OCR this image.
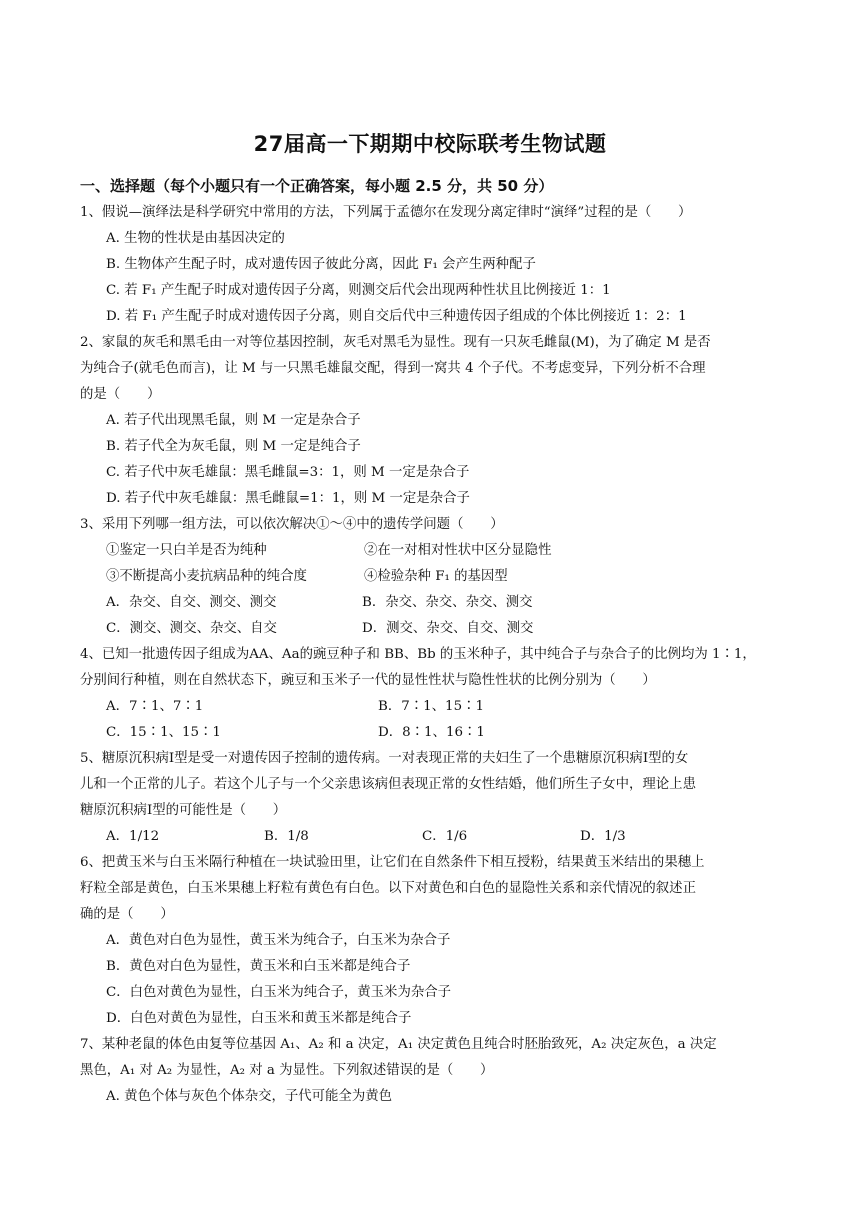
27届高一下期期中校际联考生物试题
一、选择题（每个小题只有一个正确答案，每小题 2.5 分，共 50 分）
1、假说—演绎法是科学研究中常用的方法，下列属于孟德尔在发现分离定律时“演绎”过程的是（　　）
A. 生物的性状是由基因决定的
B. 生物体产生配子时，成对遗传因子彼此分离，因此 F₁ 会产生两种配子
C. 若 F₁ 产生配子时成对遗传因子分离，则测交后代会出现两种性状且比例接近 1：1
D. 若 F₁ 产生配子时成对遗传因子分离，则自交后代中三种遗传因子组成的个体比例接近 1：2：1
2、家鼠的灰毛和黑毛由一对等位基因控制，灰毛对黑毛为显性。现有一只灰毛雌鼠(M)，为了确定 M 是否
为纯合子(就毛色而言)，让 M 与一只黑毛雄鼠交配，得到一窝共 4 个子代。不考虑变异，下列分析不合理
的是（　　）
A. 若子代出现黑毛鼠，则 M 一定是杂合子
B. 若子代全为灰毛鼠，则 M 一定是纯合子
C. 若子代中灰毛雄鼠：黑毛雌鼠=3：1，则 M 一定是杂合子
D. 若子代中灰毛雄鼠：黑毛雌鼠=1：1，则 M 一定是杂合子
3、采用下列哪一组方法，可以依次解决①～④中的遗传学问题（　　）
①鉴定一只白羊是否为纯种	②在一对相对性状中区分显隐性
③不断提高小麦抗病品种的纯合度	④检验杂种 F₁ 的基因型
A．杂交、自交、测交、测交	B．杂交、杂交、杂交、测交
C．测交、测交、杂交、自交	D．测交、杂交、自交、测交
4、已知一批遗传因子组成为AA、Aa的豌豆种子和 BB、Bb 的玉米种子，其中纯合子与杂合子的比例均为 1∶1，
分别间行种植，则在自然状态下，豌豆和玉米子一代的显性性状与隐性性状的比例分别为（　　）
A．7∶1、7∶1	B．7∶1、15∶1
C．15∶1、15∶1	D．8∶1、16∶1
5、糖原沉积病Ⅰ型是受一对遗传因子控制的遗传病。一对表现正常的夫妇生了一个患糖原沉积病Ⅰ型的女
儿和一个正常的儿子。若这个儿子与一个父亲患该病但表现正常的女性结婚，他们所生子女中，理论上患
糖原沉积病Ⅰ型的可能性是（　　）
A．1/12	B．1/8	C．1/6	D．1/3
6、把黄玉米与白玉米隔行种植在一块试验田里，让它们在自然条件下相互授粉，结果黄玉米结出的果穗上
籽粒全部是黄色，白玉米果穗上籽粒有黄色有白色。以下对黄色和白色的显隐性关系和亲代情况的叙述正
确的是（　　）
A．黄色对白色为显性，黄玉米为纯合子，白玉米为杂合子
B．黄色对白色为显性，黄玉米和白玉米都是纯合子
C．白色对黄色为显性，白玉米为纯合子，黄玉米为杂合子
D．白色对黄色为显性，白玉米和黄玉米都是纯合子
7、某种老鼠的体色由复等位基因 A₁、A₂ 和 a 决定，A₁ 决定黄色且纯合时胚胎致死，A₂ 决定灰色，a 决定
黑色，A₁ 对 A₂ 为显性，A₂ 对 a 为显性。下列叙述错误的是（　　）
A. 黄色个体与灰色个体杂交，子代可能全为黄色
